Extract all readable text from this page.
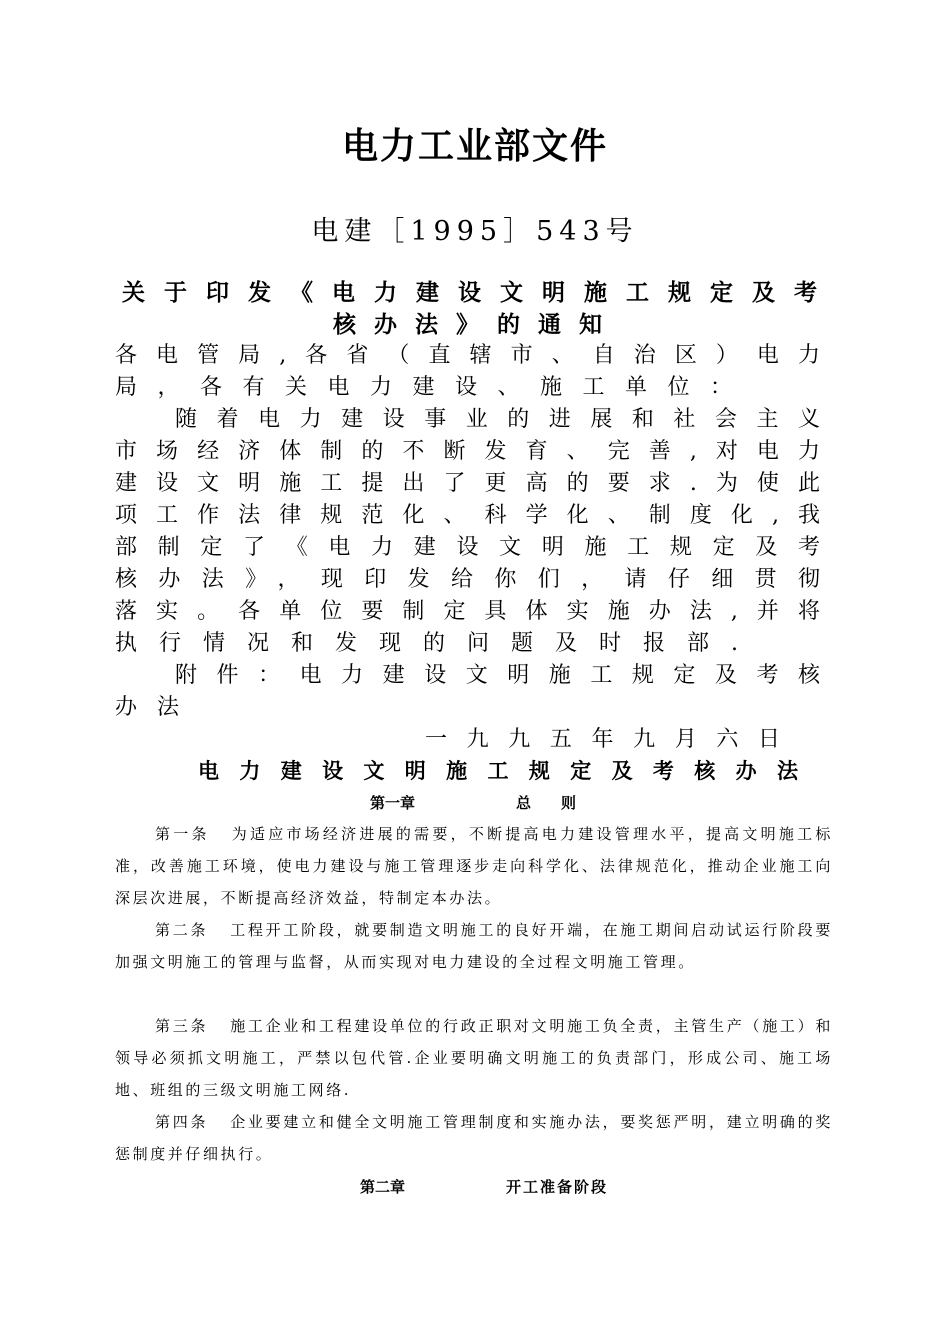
电力工业部文件
电建［1995］543号
关于印发《电力建设文明施工规定及考
核办法》的通知
各电管局,各省（直辖市、自治区）电力
局，各有关电力建设、施工单位：
随着电力建设事业的进展和社会主义
市场经济体制的不断发育、完善,对电力
建设文明施工提出了更高的要求.为使此
项工作法律规范化、科学化、制度化,我
部制定了《电力建设文明施工规定及考
核办法》，现印发给你们，请仔细贯彻
落实。各单位要制定具体实施办法,并将
执行情况和发现的问题及时报部.
附件：电力建设文明施工规定及考核
办法
一九九五年九月六日
电力建设文明施工规定及考核办法
第一章	总　　则
第一条 为适应市场经济进展的需要，不断提高电力建设管理水平，提高文明施工标准，改善施工环境，使电力建设与施工管理逐步走向科学化、法律规范化，推动企业施工向深层次进展，不断提高经济效益，特制定本办法。
第二条 工程开工阶段，就要制造文明施工的良好开端，在施工期间启动试运行阶段要加强文明施工的管理与监督，从而实现对电力建设的全过程文明施工管理。
第三条 施工企业和工程建设单位的行政正职对文明施工负全责，主管生产（施工）和领导必须抓文明施工，严禁以包代管.企业要明确文明施工的负责部门，形成公司、施工场地、班组的三级文明施工网络.
第四条 企业要建立和健全文明施工管理制度和实施办法，要奖惩严明，建立明确的奖惩制度并仔细执行。
第二章	开工准备阶段
